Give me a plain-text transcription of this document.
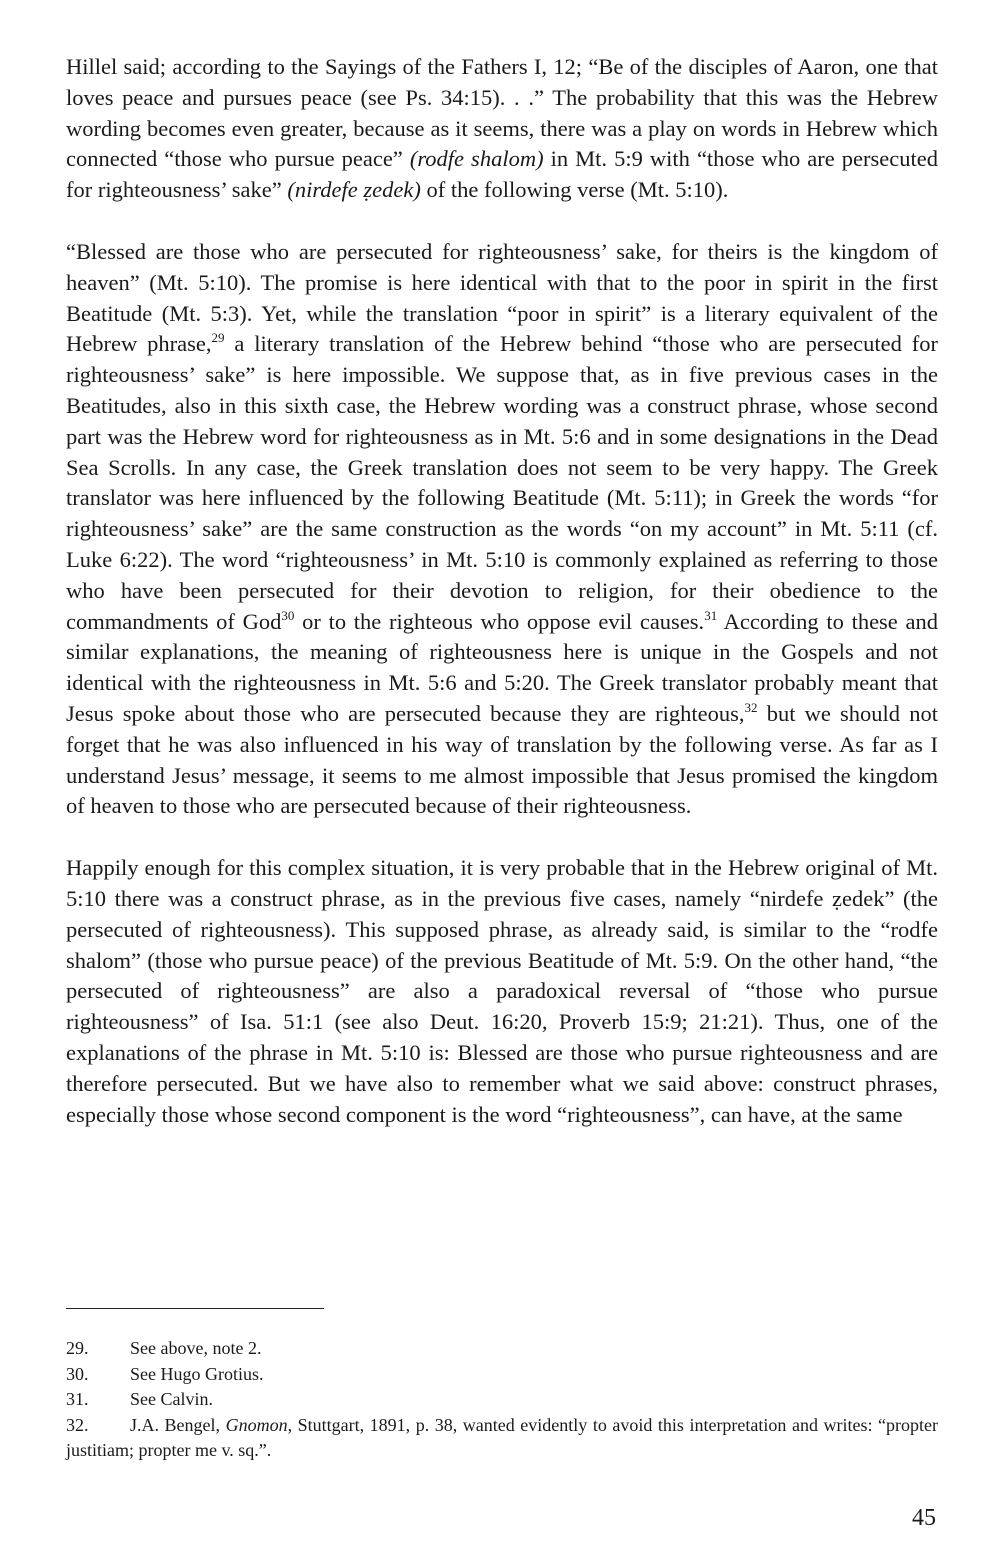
Hillel said; according to the Sayings of the Fathers I, 12; “Be of the disciples of Aaron, one that loves peace and pursues peace (see Ps. 34:15). . .” The probability that this was the Hebrew wording becomes even greater, because as it seems, there was a play on words in Hebrew which connected “those who pursue peace” (rodfe shalom) in Mt. 5:9 with “those who are persecuted for righteousness’ sake” (nirdefe ẓedek) of the following verse (Mt. 5:10).

“Blessed are those who are persecuted for righteousness’ sake, for theirs is the kingdom of heaven” (Mt. 5:10). The promise is here identical with that to the poor in spirit in the first Beatitude (Mt. 5:3). Yet, while the translation “poor in spirit” is a literary equivalent of the Hebrew phrase,$^{29}$ a literary translation of the Hebrew behind “those who are persecuted for righteousness’ sake” is here impossible. We suppose that, as in five previous cases in the Beatitudes, also in this sixth case, the Hebrew wording was a construct phrase, whose second part was the Hebrew word for righteousness as in Mt. 5:6 and in some designations in the Dead Sea Scrolls. In any case, the Greek translation does not seem to be very happy. The Greek translator was here influenced by the following Beatitude (Mt. 5:11); in Greek the words “for righteousness’ sake” are the same construction as the words “on my account” in Mt. 5:11 (cf. Luke 6:22). The word “righteousness’ in Mt. 5:10 is commonly explained as referring to those who have been persecuted for their devotion to religion, for their obedience to the commandments of God$^{30}$ or to the righteous who oppose evil causes.$^{31}$ According to these and similar explanations, the meaning of righteousness here is unique in the Gospels and not identical with the righteousness in Mt. 5:6 and 5:20. The Greek translator probably meant that Jesus spoke about those who are persecuted because they are righteous,$^{32}$ but we should not forget that he was also influenced in his way of translation by the following verse. As far as I understand Jesus’ message, it seems to me almost impossible that Jesus promised the kingdom of heaven to those who are persecuted because of their righteousness.

Happily enough for this complex situation, it is very probable that in the Hebrew original of Mt. 5:10 there was a construct phrase, as in the previous five cases, namely “nirdefe ẓedek” (the persecuted of righteousness). This supposed phrase, as already said, is similar to the “rodfe shalom” (those who pursue peace) of the previous Beatitude of Mt. 5:9. On the other hand, “the persecuted of righteousness” are also a paradoxical reversal of “those who pursue righteousness” of Isa. 51:1 (see also Deut. 16:20, Proverb 15:9; 21:21). Thus, one of the explanations of the phrase in Mt. 5:10 is: Blessed are those who pursue righteousness and are therefore persecuted. But we have also to remember what we said above: construct phrases, especially those whose second component is the word “righteousness”, can have, at the same

29.	See above, note 2.
30.	See Hugo Grotius.
31.	See Calvin.
32. J.A. Bengel, Gnomon, Stuttgart, 1891, p. 38, wanted evidently to avoid this interpretation and writes: “propter justitiam; propter me v. sq.”.
45
